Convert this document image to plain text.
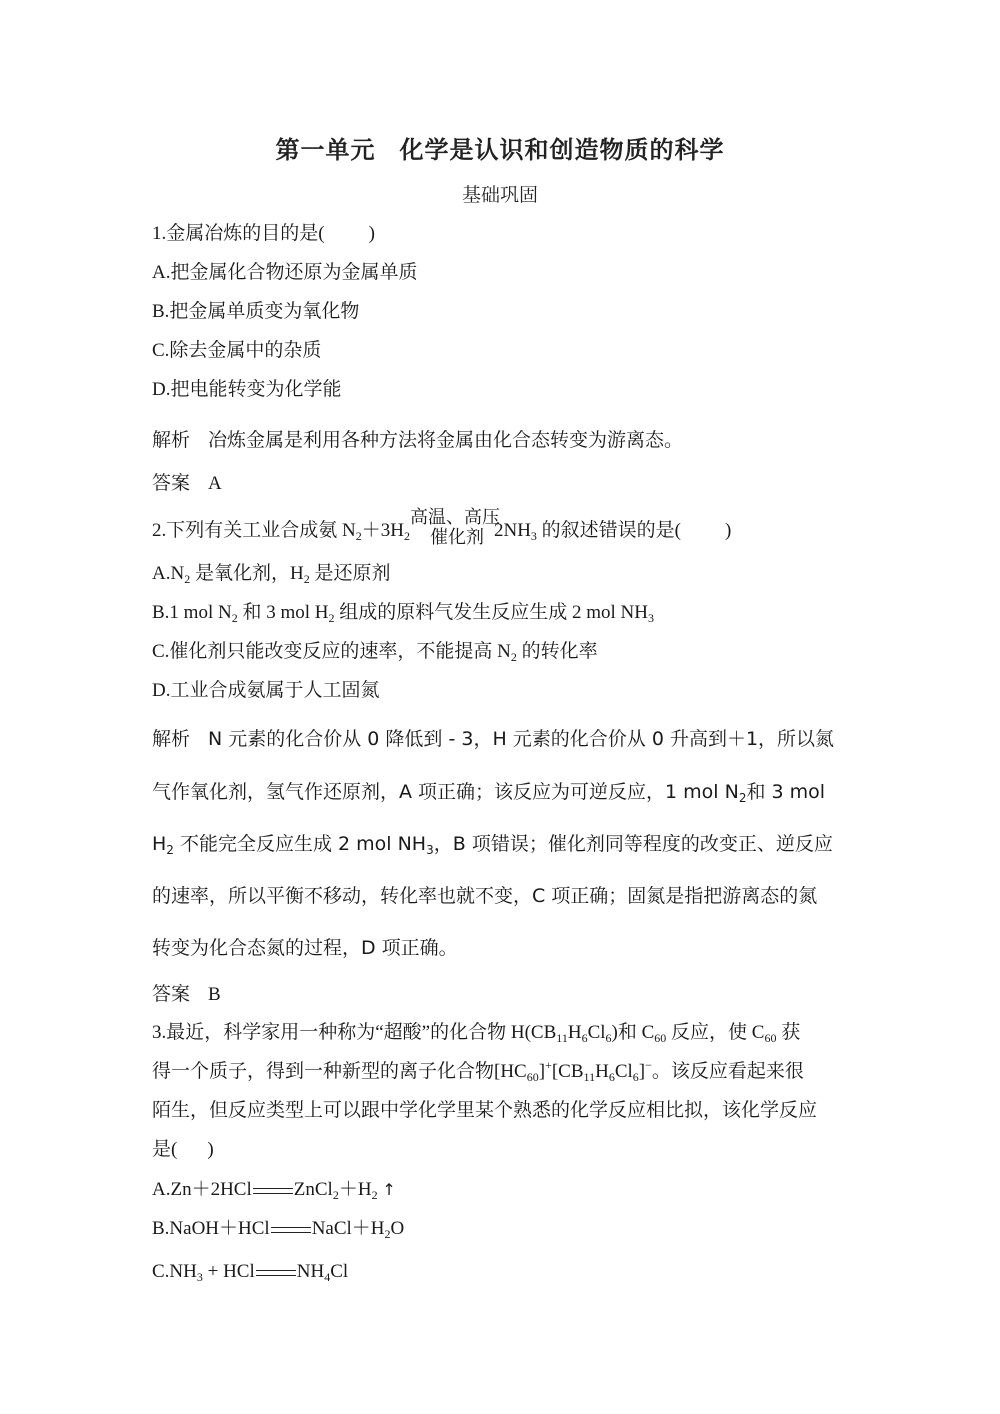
第一单元 化学是认识和创造物质的科学
基础巩固
1.金属冶炼的目的是( )
A.把金属化合物还原为金属单质
B.把金属单质变为氧化物
C.除去金属中的杂质
D.把电能转变为化学能
解析 冶炼金属是利用各种方法将金属由化合态转变为游离态。
答案 A
2.下列有关工业合成氨 $N_2+3H_2$
高温、高压
催化剂 $2NH_3$ 的叙述错误的是( )
$A.N_2$ 是氧化剂，$H_2$ 是还原剂
B.1 mol $N_2$ 和 3 mol $H_2$ 组成的原料气发生反应生成 2 mol $NH_3$
C.催化剂只能改变反应的速率，不能提高 $N_2$ 的转化率
D.工业合成氨属于人工固氮
解析 N 元素的化合价从 0 降低到 - 3，H 元素的化合价从 0 升高到＋1，所以氮
气作氧化剂，氢气作还原剂，A 项正确；该反应为可逆反应，1 mol $N_2$和 3 mol
$H_2$ 不能完全反应生成 2 mol $NH_3$，B 项错误；催化剂同等程度的改变正、逆反应
的速率，所以平衡不移动，转化率也就不变，C 项正确；固氮是指把游离态的氮
转变为化合态氮的过程，D 项正确。
答案 B
3.最近，科学家用一种称为“超酸”的化合物 $H(CB_{11}H_6Cl_6)$和 $C_{60}$ 反应，使 $C_{60}$ 获
得一个质子，得到一种新型的离子化合物$[HC_{60}]^+[CB_{11}H_6Cl_6]^-$。该反应看起来很
陌生，但反应类型上可以跟中学化学里某个熟悉的化学反应相比拟，该化学反应
是( )
A.Zn＋2HCl $ZnCl_2+H_2$ ↑
B.NaOH＋HCl $NaCl+H_2O$
$C.NH_3$ + HCl $NH_4Cl$
